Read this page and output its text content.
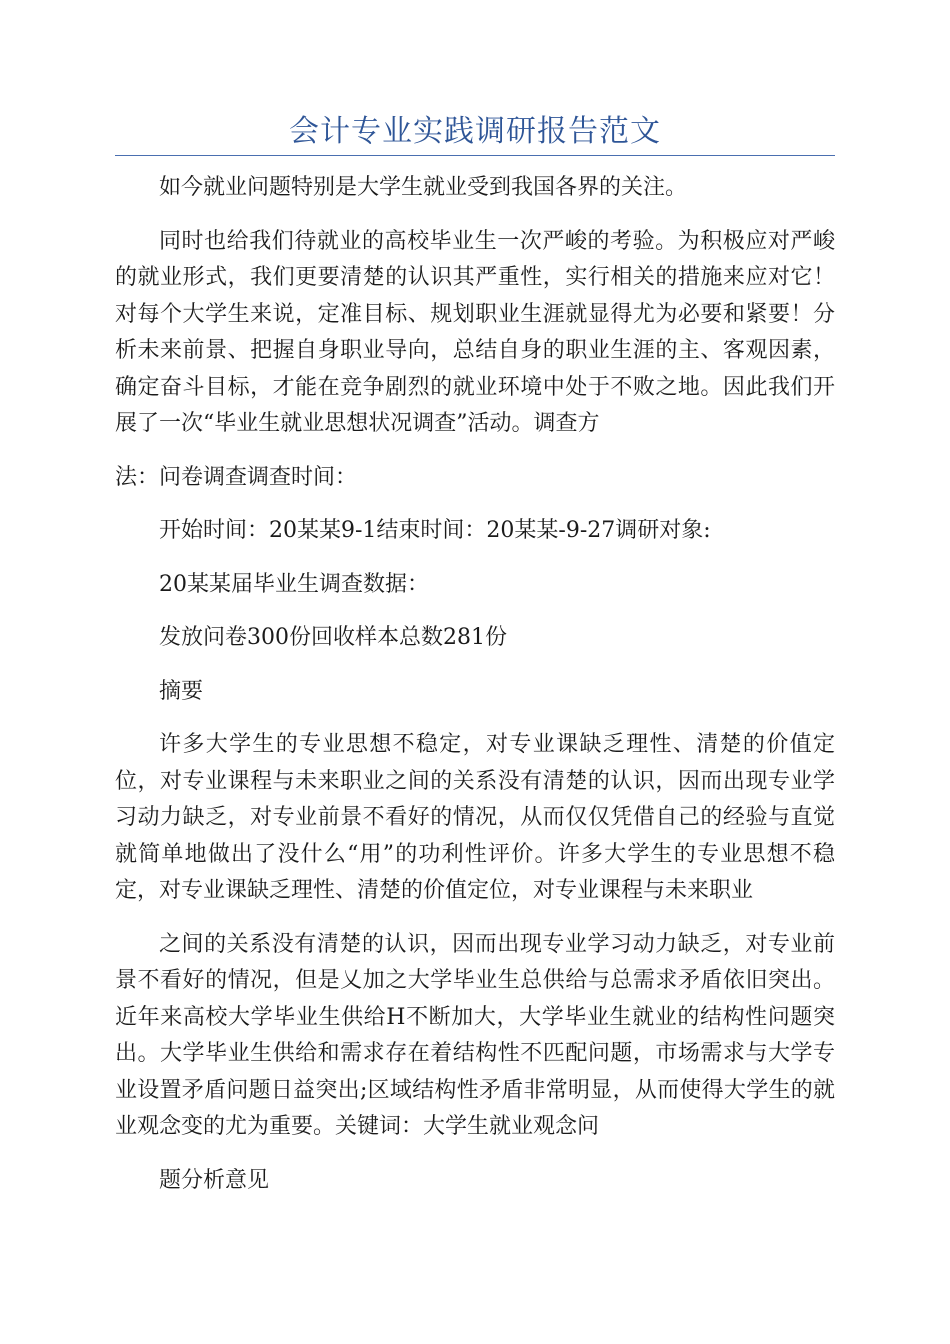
会计专业实践调研报告范文

如今就业问题特别是大学生就业受到我国各界的关注。

同时也给我们待就业的高校毕业生一次严峻的考验。为积极应对严峻的就业形式，我们更要清楚的认识其严重性，实行相关的措施来应对它！对每个大学生来说，定准目标、规划职业生涯就显得尤为必要和紧要！分析未来前景、把握自身职业导向，总结自身的职业生涯的主、客观因素，确定奋斗目标，才能在竞争剧烈的就业环境中处于不败之地。因此我们开展了一次“毕业生就业思想状况调查”活动。调查方

法：问卷调查调查时间：

开始时间：20某某9-1结束时间：20某某-9-27调研对象:

20某某届毕业生调查数据：

发放问卷300份回收样本总数281份

摘要

许多大学生的专业思想不稳定，对专业课缺乏理性、清楚的价值定位，对专业课程与未来职业之间的关系没有清楚的认识，因而出现专业学习动力缺乏，对专业前景不看好的情况，从而仅仅凭借自己的经验与直觉就简单地做出了没什么“用”的功利性评价。许多大学生的专业思想不稳定，对专业课缺乏理性、清楚的价值定位，对专业课程与未来职业

之间的关系没有清楚的认识，因而出现专业学习动力缺乏，对专业前景不看好的情况，但是乂加之大学毕业生总供给与总需求矛盾依旧突出。近年来高校大学毕业生供给H不断加大，大学毕业生就业的结构性问题突出。大学毕业生供给和需求存在着结构性不匹配问题，市场需求与大学专业设置矛盾问题日益突出;区域结构性矛盾非常明显，从而使得大学生的就业观念变的尤为重要。关键词：大学生就业观念问

题分析意见
